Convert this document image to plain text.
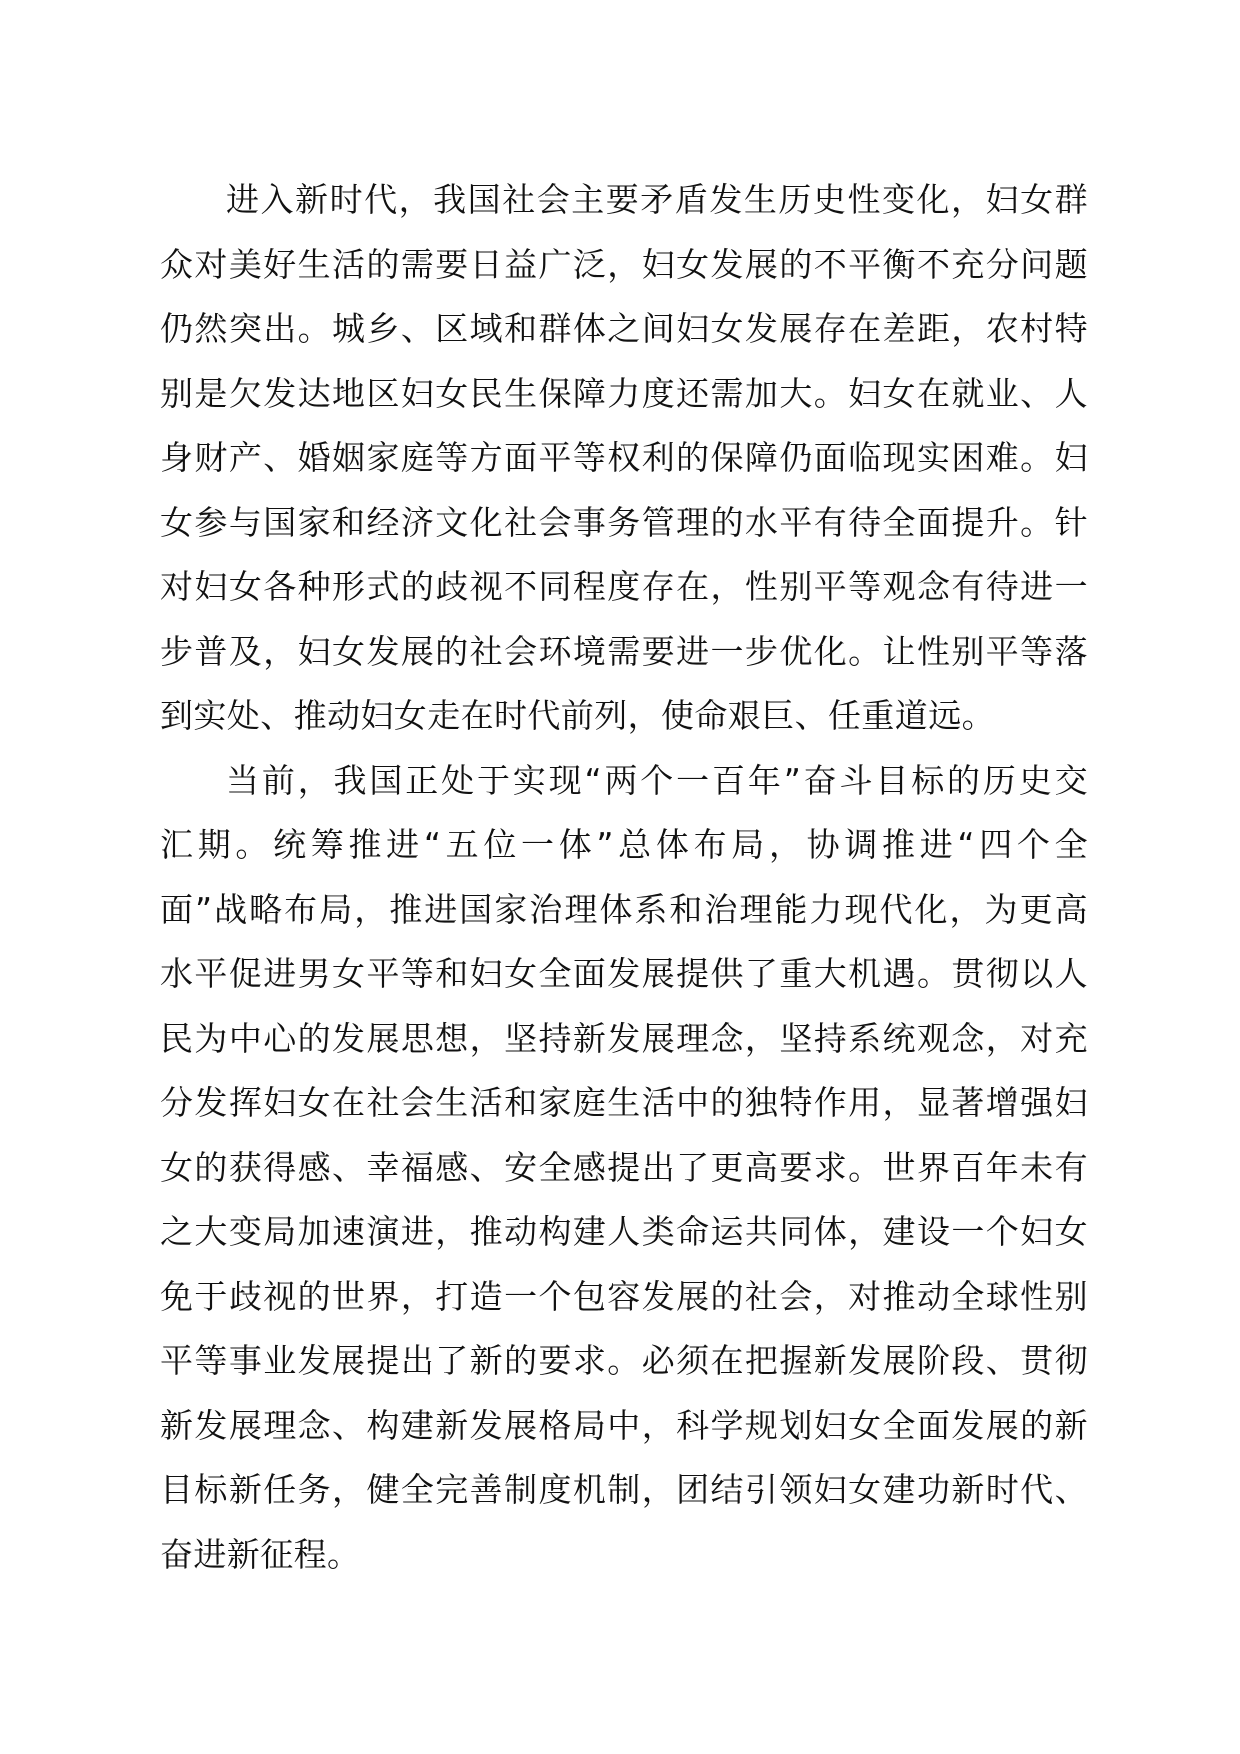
进入新时代，我国社会主要矛盾发生历史性变化，妇女群
众对美好生活的需要日益广泛，妇女发展的不平衡不充分问题
仍然突出。城乡、区域和群体之间妇女发展存在差距，农村特
别是欠发达地区妇女民生保障力度还需加大。妇女在就业、人
身财产、婚姻家庭等方面平等权利的保障仍面临现实困难。妇
女参与国家和经济文化社会事务管理的水平有待全面提升。针
对妇女各种形式的歧视不同程度存在，性别平等观念有待进一
步普及，妇女发展的社会环境需要进一步优化。让性别平等落
到实处、推动妇女走在时代前列，使命艰巨、任重道远。

当前，我国正处于实现“两个一百年”奋斗目标的历史交
汇期。统筹推进“五位一体”总体布局，协调推进“四个全
面”战略布局，推进国家治理体系和治理能力现代化，为更高
水平促进男女平等和妇女全面发展提供了重大机遇。贯彻以人
民为中心的发展思想，坚持新发展理念，坚持系统观念，对充
分发挥妇女在社会生活和家庭生活中的独特作用，显著增强妇
女的获得感、幸福感、安全感提出了更高要求。世界百年未有
之大变局加速演进，推动构建人类命运共同体，建设一个妇女
免于歧视的世界，打造一个包容发展的社会，对推动全球性别
平等事业发展提出了新的要求。必须在把握新发展阶段、贯彻
新发展理念、构建新发展格局中，科学规划妇女全面发展的新
目标新任务，健全完善制度机制，团结引领妇女建功新时代、
奋进新征程。
